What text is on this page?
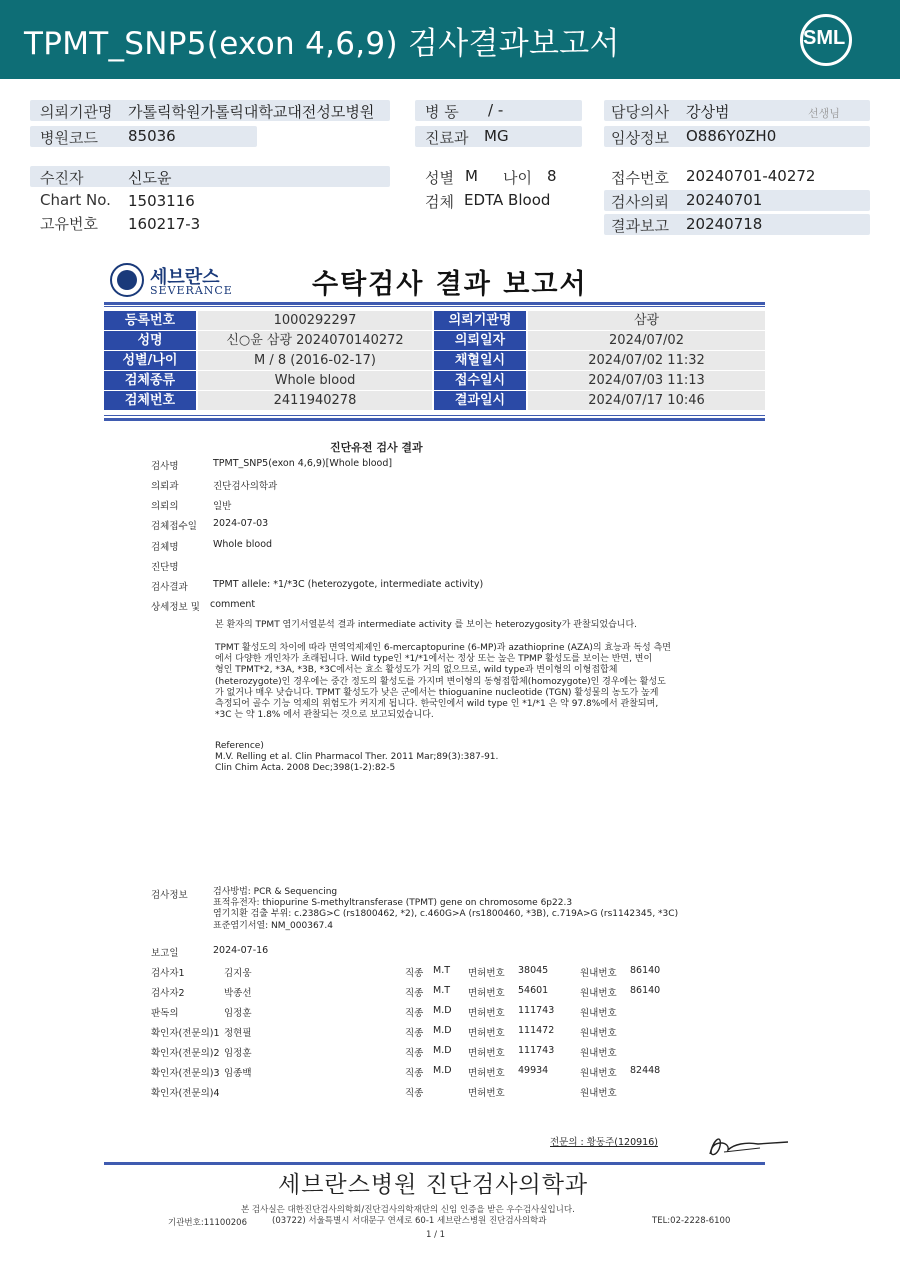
TPMT_SNP5(exon 4,6,9) 검사결과보고서	SML
의뢰기관명 가톨릭학원가톨릭대학교대전성모병원
병원코드 85036
병 동 / -
진료과 MG
담당의사 강상범	선생님
임상정보 O886Y0ZH0
수진자	신도윤
Chart No. 1503116
고유번호 160217-3
성별 M 나이 8
검체 EDTA Blood
접수번호 20240701-40272
검사의뢰 20240701
결과보고 20240718
세브란스
SEVERANCE	수탁검사 결과 보고서
등록번호	1000292297	의뢰기관명	삼광
성명	신○윤 삼광 2024070140272	의뢰일자	2024/07/02
성별/나이	M / 8 (2016-02-17)	채혈일시	2024/07/02 11:32
검체종류	Whole blood	접수일시	2024/07/03 11:13
검체번호	2411940278	결과일시	2024/07/17 10:46
진단유전 검사 결과
검사명	TPMT_SNP5(exon 4,6,9)[Whole blood]
의뢰과	진단검사의학과
의뢰의	일반
검체접수일 2024-07-03
검체명	Whole blood
진단명
검사결과	TPMT allele: *1/*3C (heterozygote, intermediate activity)
상세정보 및 comment
본 환자의 TPMT 염기서열분석 결과 intermediate activity 를 보이는 heterozygosity가 관찰되었습니다.
TPMT 활성도의 차이에 따라 면역억제제인 6-mercaptopurine (6-MP)과 azathioprine (AZA)의 효능과 독성 측면
에서 다양한 개인차가 초래됩니다. Wild type인 *1/*1에서는 정상 또는 높은 TPMP 활성도를 보이는 반면, 변이
형인 TPMT*2, *3A, *3B, *3C에서는 효소 활성도가 거의 없으므로, wild type과 변이형의 이형접합체
(heterozygote)인 경우에는 중간 정도의 활성도를 가지며 변이형의 동형접합체(homozygote)인 경우에는 활성도
가 없거나 매우 낮습니다. TPMT 활성도가 낮은 군에서는 thioguanine nucleotide (TGN) 활성물의 농도가 높게
측정되어 골수 기능 억제의 위험도가 커지게 됩니다. 한국인에서 wild type 인 *1/*1 은 약 97.8%에서 관찰되며,
*3C 는 약 1.8% 에서 관찰되는 것으로 보고되었습니다.
Reference)
M.V. Relling et al. Clin Pharmacol Ther. 2011 Mar;89(3):387-91.
Clin Chim Acta. 2008 Dec;398(1-2):82-5
검사정보	검사방법: PCR & Sequencing
표적유전자: thiopurine S-methyltransferase (TPMT) gene on chromosome 6p22.3
염기치환 검출 부위: c.238G>C (rs1800462, *2), c.460G>A (rs1800460, *3B), c.719A>G (rs1142345, *3C)
표준염기서열: NM_000367.4
보고일	2024-07-16
검사자1	김지웅	직종 M.T 면허번호 38045	원내번호 86140
검사자2	박종선	직종 M.T 면허번호 54601	원내번호 86140
판독의	임정훈	직종 M.D 면허번호 111743	원내번호
확인자(전문의)1 정현필	직종 M.D 면허번호 111472	원내번호
확인자(전문의)2 임정훈	직종 M.D 면허번호 111743	원내번호
확인자(전문의)3 임종백	직종 M.D 면허번호 49934	원내번호 82448
확인자(전문의)4	직종	면허번호	원내번호
전문의 : 황동주(120916)
세브란스병원 진단검사의학과
본 검사실은 대한진단검사의학회/진단검사의학재단의 신임 인증을 받은 우수검사실입니다.
기관번호:11100206	(03722) 서울특별시 서대문구 연세로 60-1 세브란스병원 진단검사의학과	TEL:02-2228-6100
1 / 1
